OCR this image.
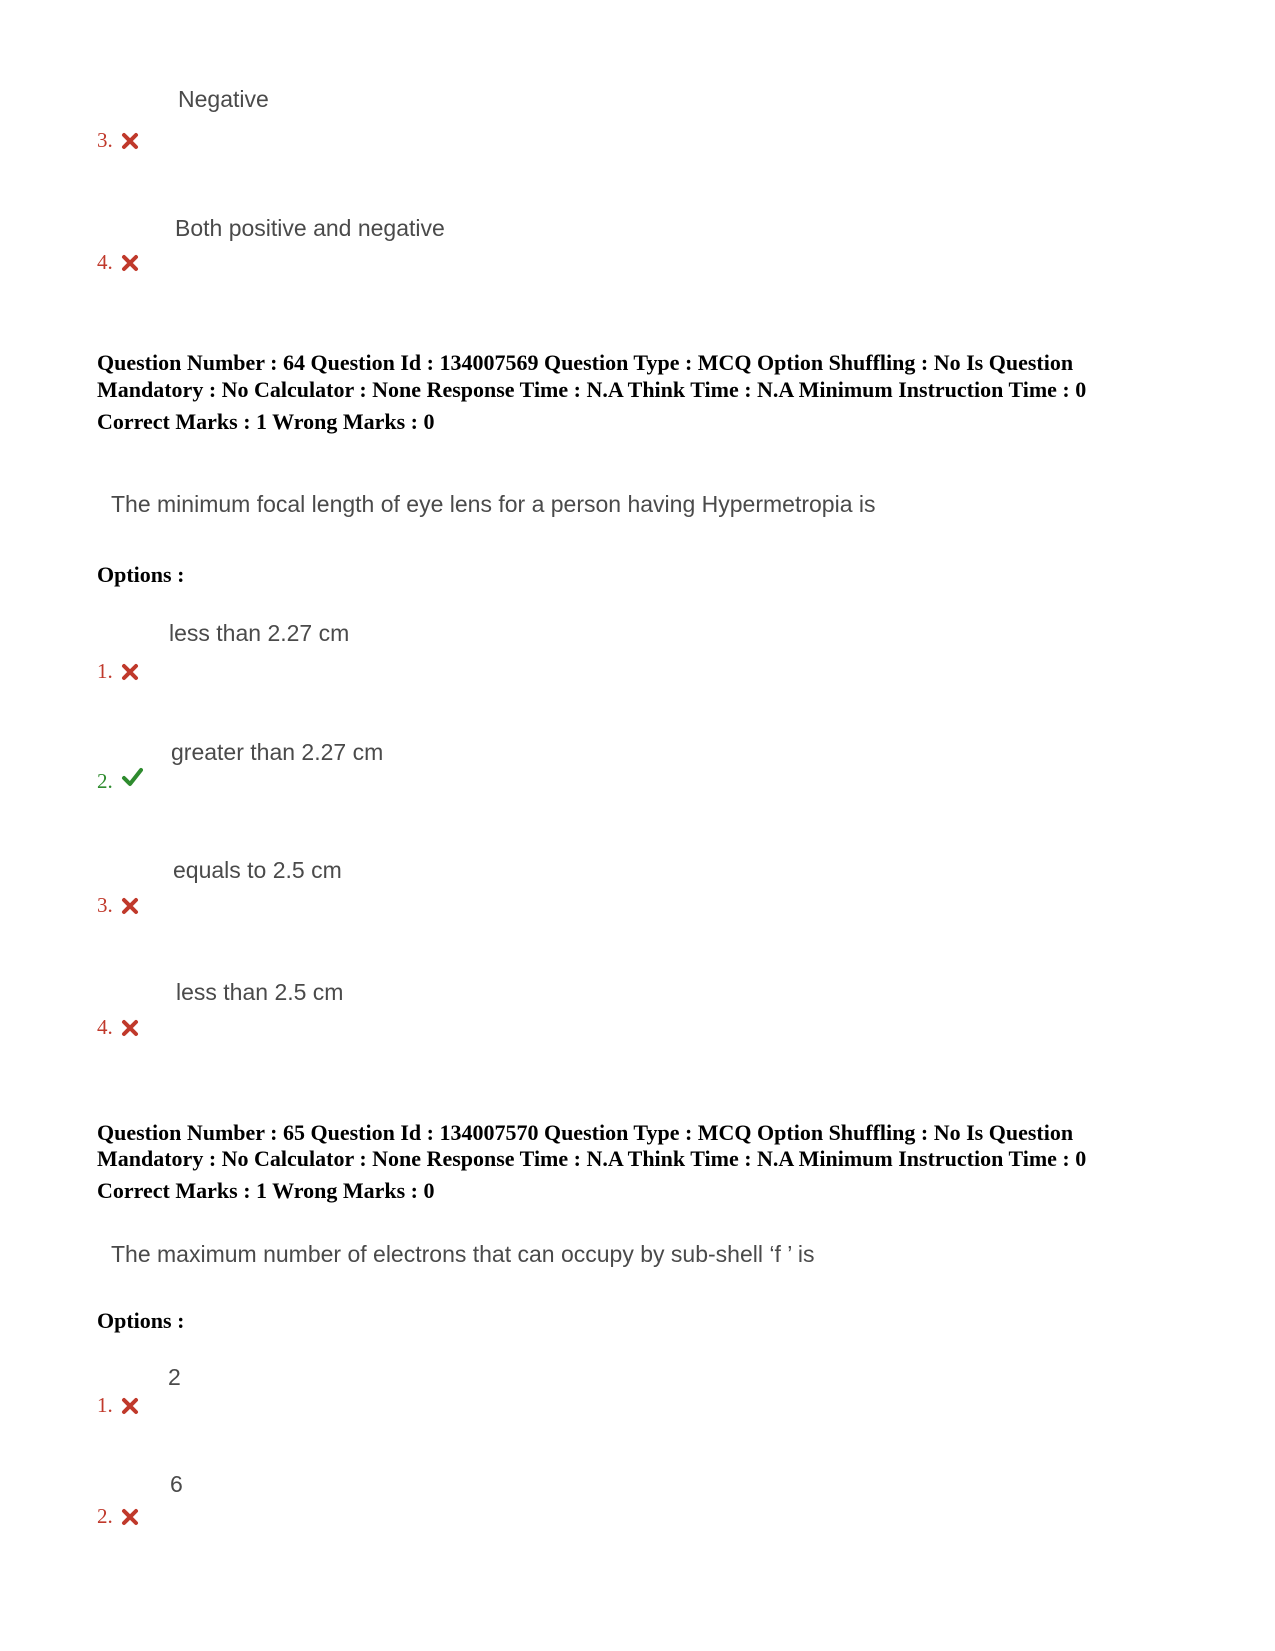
Negative
3.
Both positive and negative
4.
Question Number : 64 Question Id : 134007569 Question Type : MCQ Option Shuffling : No Is Question
Mandatory : No Calculator : None Response Time : N.A Think Time : N.A Minimum Instruction Time : 0
Correct Marks : 1 Wrong Marks : 0
The minimum focal length of eye lens for a person having Hypermetropia is
Options :
less than 2.27 cm
1.
greater than 2.27 cm
2.
equals to 2.5 cm
3.
less than 2.5 cm
4.
Question Number : 65 Question Id : 134007570 Question Type : MCQ Option Shuffling : No Is Question
Mandatory : No Calculator : None Response Time : N.A Think Time : N.A Minimum Instruction Time : 0
Correct Marks : 1 Wrong Marks : 0
The maximum number of electrons that can occupy by sub-shell ‘f ’ is
Options :
2
1.
6
2.
